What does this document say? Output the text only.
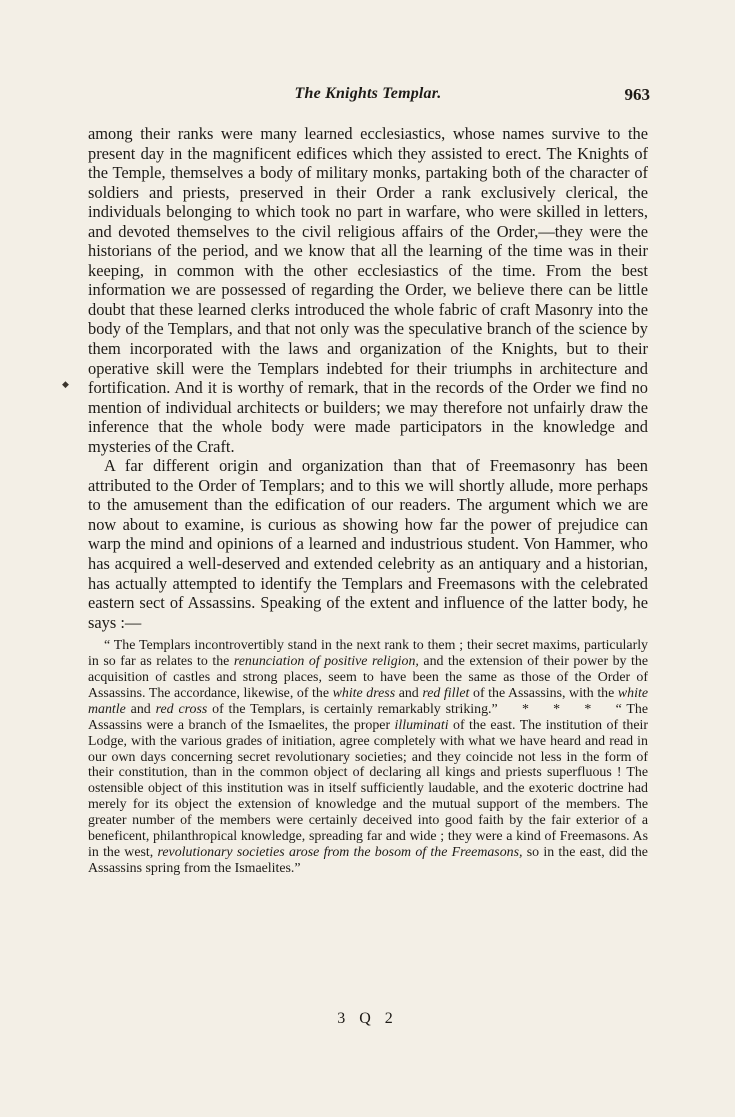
The Knights Templar.	963
◆

among their ranks were many learned ecclesiastics, whose names survive to the present day in the magnificent edifices which they assisted to erect. The Knights of the Temple, themselves a body of military monks, partaking both of the character of soldiers and priests, preserved in their Order a rank exclusively clerical, the individuals belonging to which took no part in warfare, who were skilled in letters, and devoted themselves to the civil religious affairs of the Order,—they were the historians of the period, and we know that all the learning of the time was in their keeping, in common with the other ecclesiastics of the time. From the best information we are possessed of regarding the Order, we believe there can be little doubt that these learned clerks introduced the whole fabric of craft Masonry into the body of the Templars, and that not only was the speculative branch of the science by them incorporated with the laws and organization of the Knights, but to their operative skill were the Templars indebted for their triumphs in architecture and fortification. And it is worthy of remark, that in the records of the Order we find no mention of individual architects or builders; we may therefore not unfairly draw the inference that the whole body were made participators in the knowledge and mysteries of the Craft.

A far different origin and organization than that of Freemasonry has been attributed to the Order of Templars; and to this we will shortly allude, more perhaps to the amusement than the edification of our readers. The argument which we are now about to examine, is curious as showing how far the power of prejudice can warp the mind and opinions of a learned and industrious student. Von Hammer, who has acquired a well-deserved and extended celebrity as an antiquary and a historian, has actually attempted to identify the Templars and Freemasons with the celebrated eastern sect of Assassins. Speaking of the extent and influence of the latter body, he says :—

“ The Templars incontrovertibly stand in the next rank to them ; their secret maxims, particularly in so far as relates to the renunciation of positive religion, and the extension of their power by the acquisition of castles and strong places, seem to have been the same as those of the Order of Assassins. The accordance, likewise, of the white dress and red fillet of the Assassins, with the white mantle and red cross of the Templars, is certainly remarkably striking.”     *     *     *     “ The Assassins were a branch of the Ismaelites, the proper illuminati of the east. The institution of their Lodge, with the various grades of initiation, agree completely with what we have heard and read in our own days concerning secret revolutionary societies; and they coincide not less in the form of their constitution, than in the common object of declaring all kings and priests superfluous ! The ostensible object of this institution was in itself sufficiently laudable, and the exoteric doctrine had merely for its object the extension of knowledge and the mutual support of the members. The greater number of the members were certainly deceived into good faith by the fair exterior of a beneficent, philanthropical knowledge, spreading far and wide ; they were a kind of Freemasons. As in the west, revolutionary societies arose from the bosom of the Freemasons, so in the east, did the Assassins spring from the Ismaelites.”

3 Q 2
